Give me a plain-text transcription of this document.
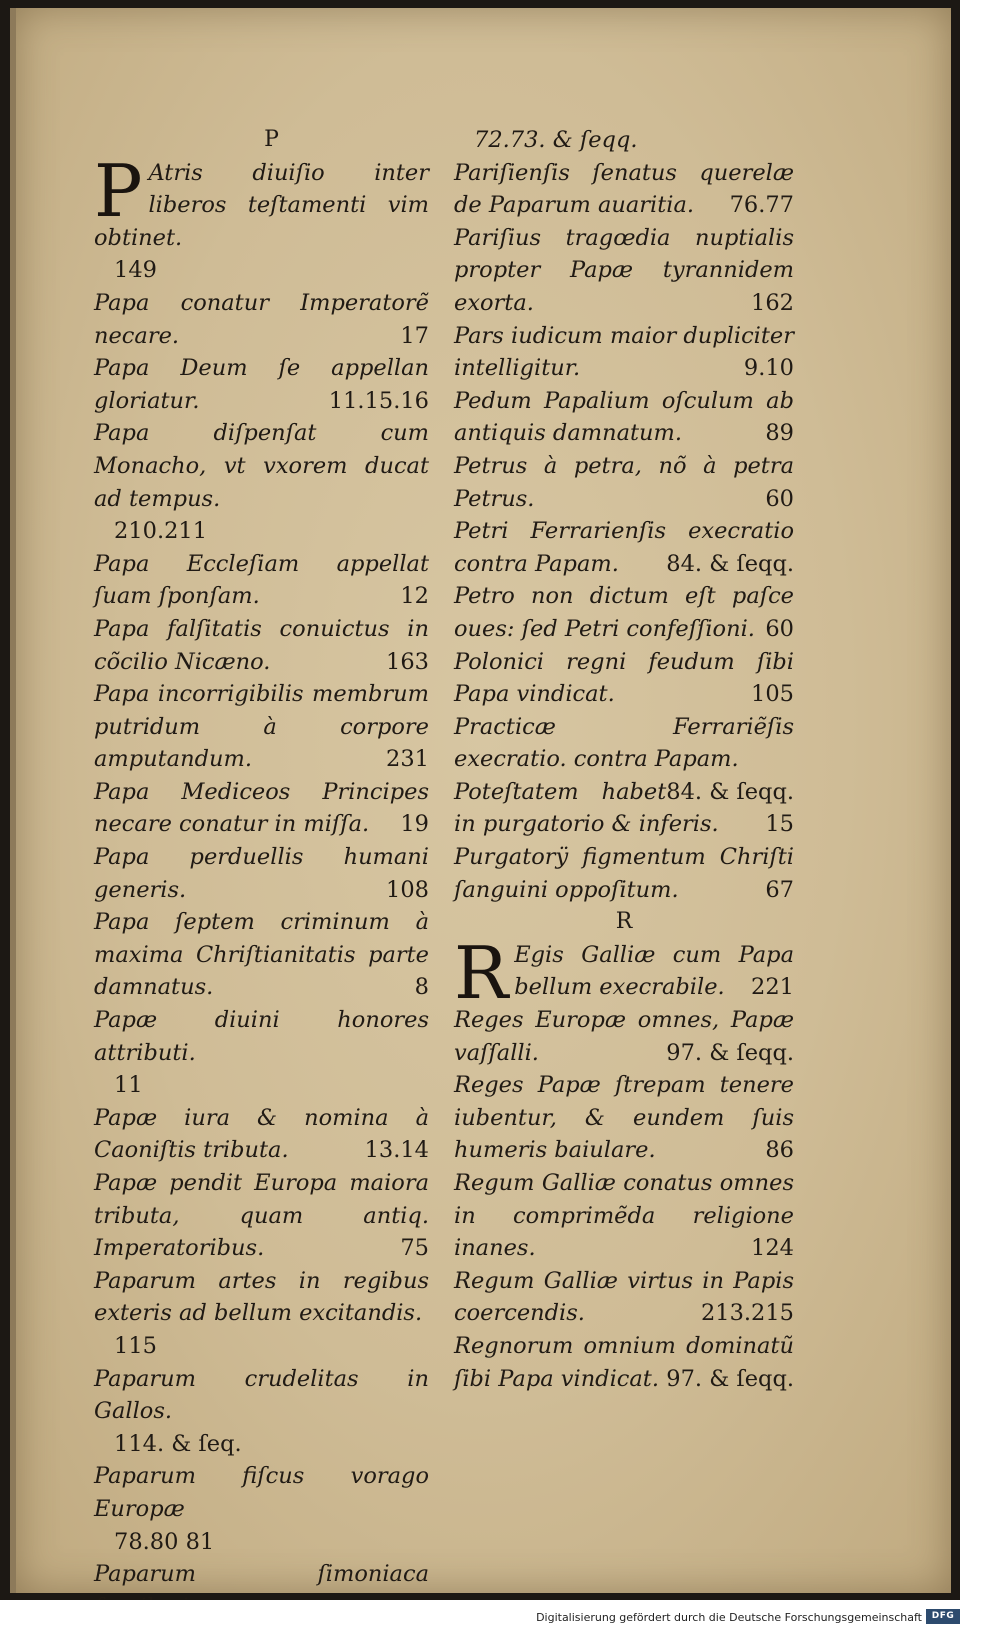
P
P Atris diuiſio inter liberos teſtamenti vim obtinet.
149
Papa conatur Imperatorẽ necare.	17
Papa Deum ſe appellan gloriatur.	11.15.16
Papa diſpenſat cum Monacho, vt vxorem ducat ad tempus.
210.211
Papa Eccleſiam appellat ſuam ſponſam.	12
Papa falſitatis conuictus in cõcilio Nicæno.	163
Papa incorrigibilis membrum putridum à corpore amputandum.	231
Papa Mediceos Principes necare conatur in miſſa. 19
Papa perduellis humani generis.	108
Papa ſeptem criminum à maxima Chriſtianitatis parte damnatus.	8
Papæ diuini honores attributi.
11
Papæ iura & nomina à Caoniſtis tributa.	13.14
Papæ pendit Europa maiora tributa, quam antiq. Imperatoribus.	75
Paparum artes in regibus exteris ad bellum excitandis.
115
Paparum crudelitas in Gallos.
114. & ſeq.
Paparum fiſcus vorago Europæ
78.80 81
Paparum ſimoniaca
72.73. & ſeqq.
Pariſienſis ſenatus querelæ de Paparum auaritia. 76.77
Pariſius tragœdia nuptialis propter Papæ tyrannidem exorta.	162
Pars iudicum maior dupliciter intelligitur.	9.10
Pedum Papalium oſculum ab antiquis damnatum.	89
Petrus à petra, nõ à petra Petrus.	60
Petri Ferrarienſis execratio contra Papam. 84. & ſeqq.
Petro non dictum eſt paſce oues: ſed Petri confeſſioni. 60
Polonici regni feudum ſibi Papa vindicat.	105
Practicæ Ferrariẽſis execratio. contra Papam.
84. & ſeqq.
Poteſtatem habet in purgatorio & inferis. 15
Purgatorÿ figmentum Chriſti ſanguini oppoſitum.	67
R
R Egis Galliæ cum Papa bellum execrabile. 221
Reges Europæ omnes, Papæ vaſſalli.	97. & ſeqq.
Reges Papæ ſtrepam tenere iubentur, & eundem ſuis humeris baiulare.	86
Regum Galliæ conatus omnes in comprimẽda religione inanes.	124
Regum Galliæ virtus in Papis coercendis.	213.215
Regnorum omnium dominatũ ſibi Papa vindicat. 97. & ſeqq.
Digitalisierung gefördert durch die Deutsche Forschungsgemeinschaft	DFG
